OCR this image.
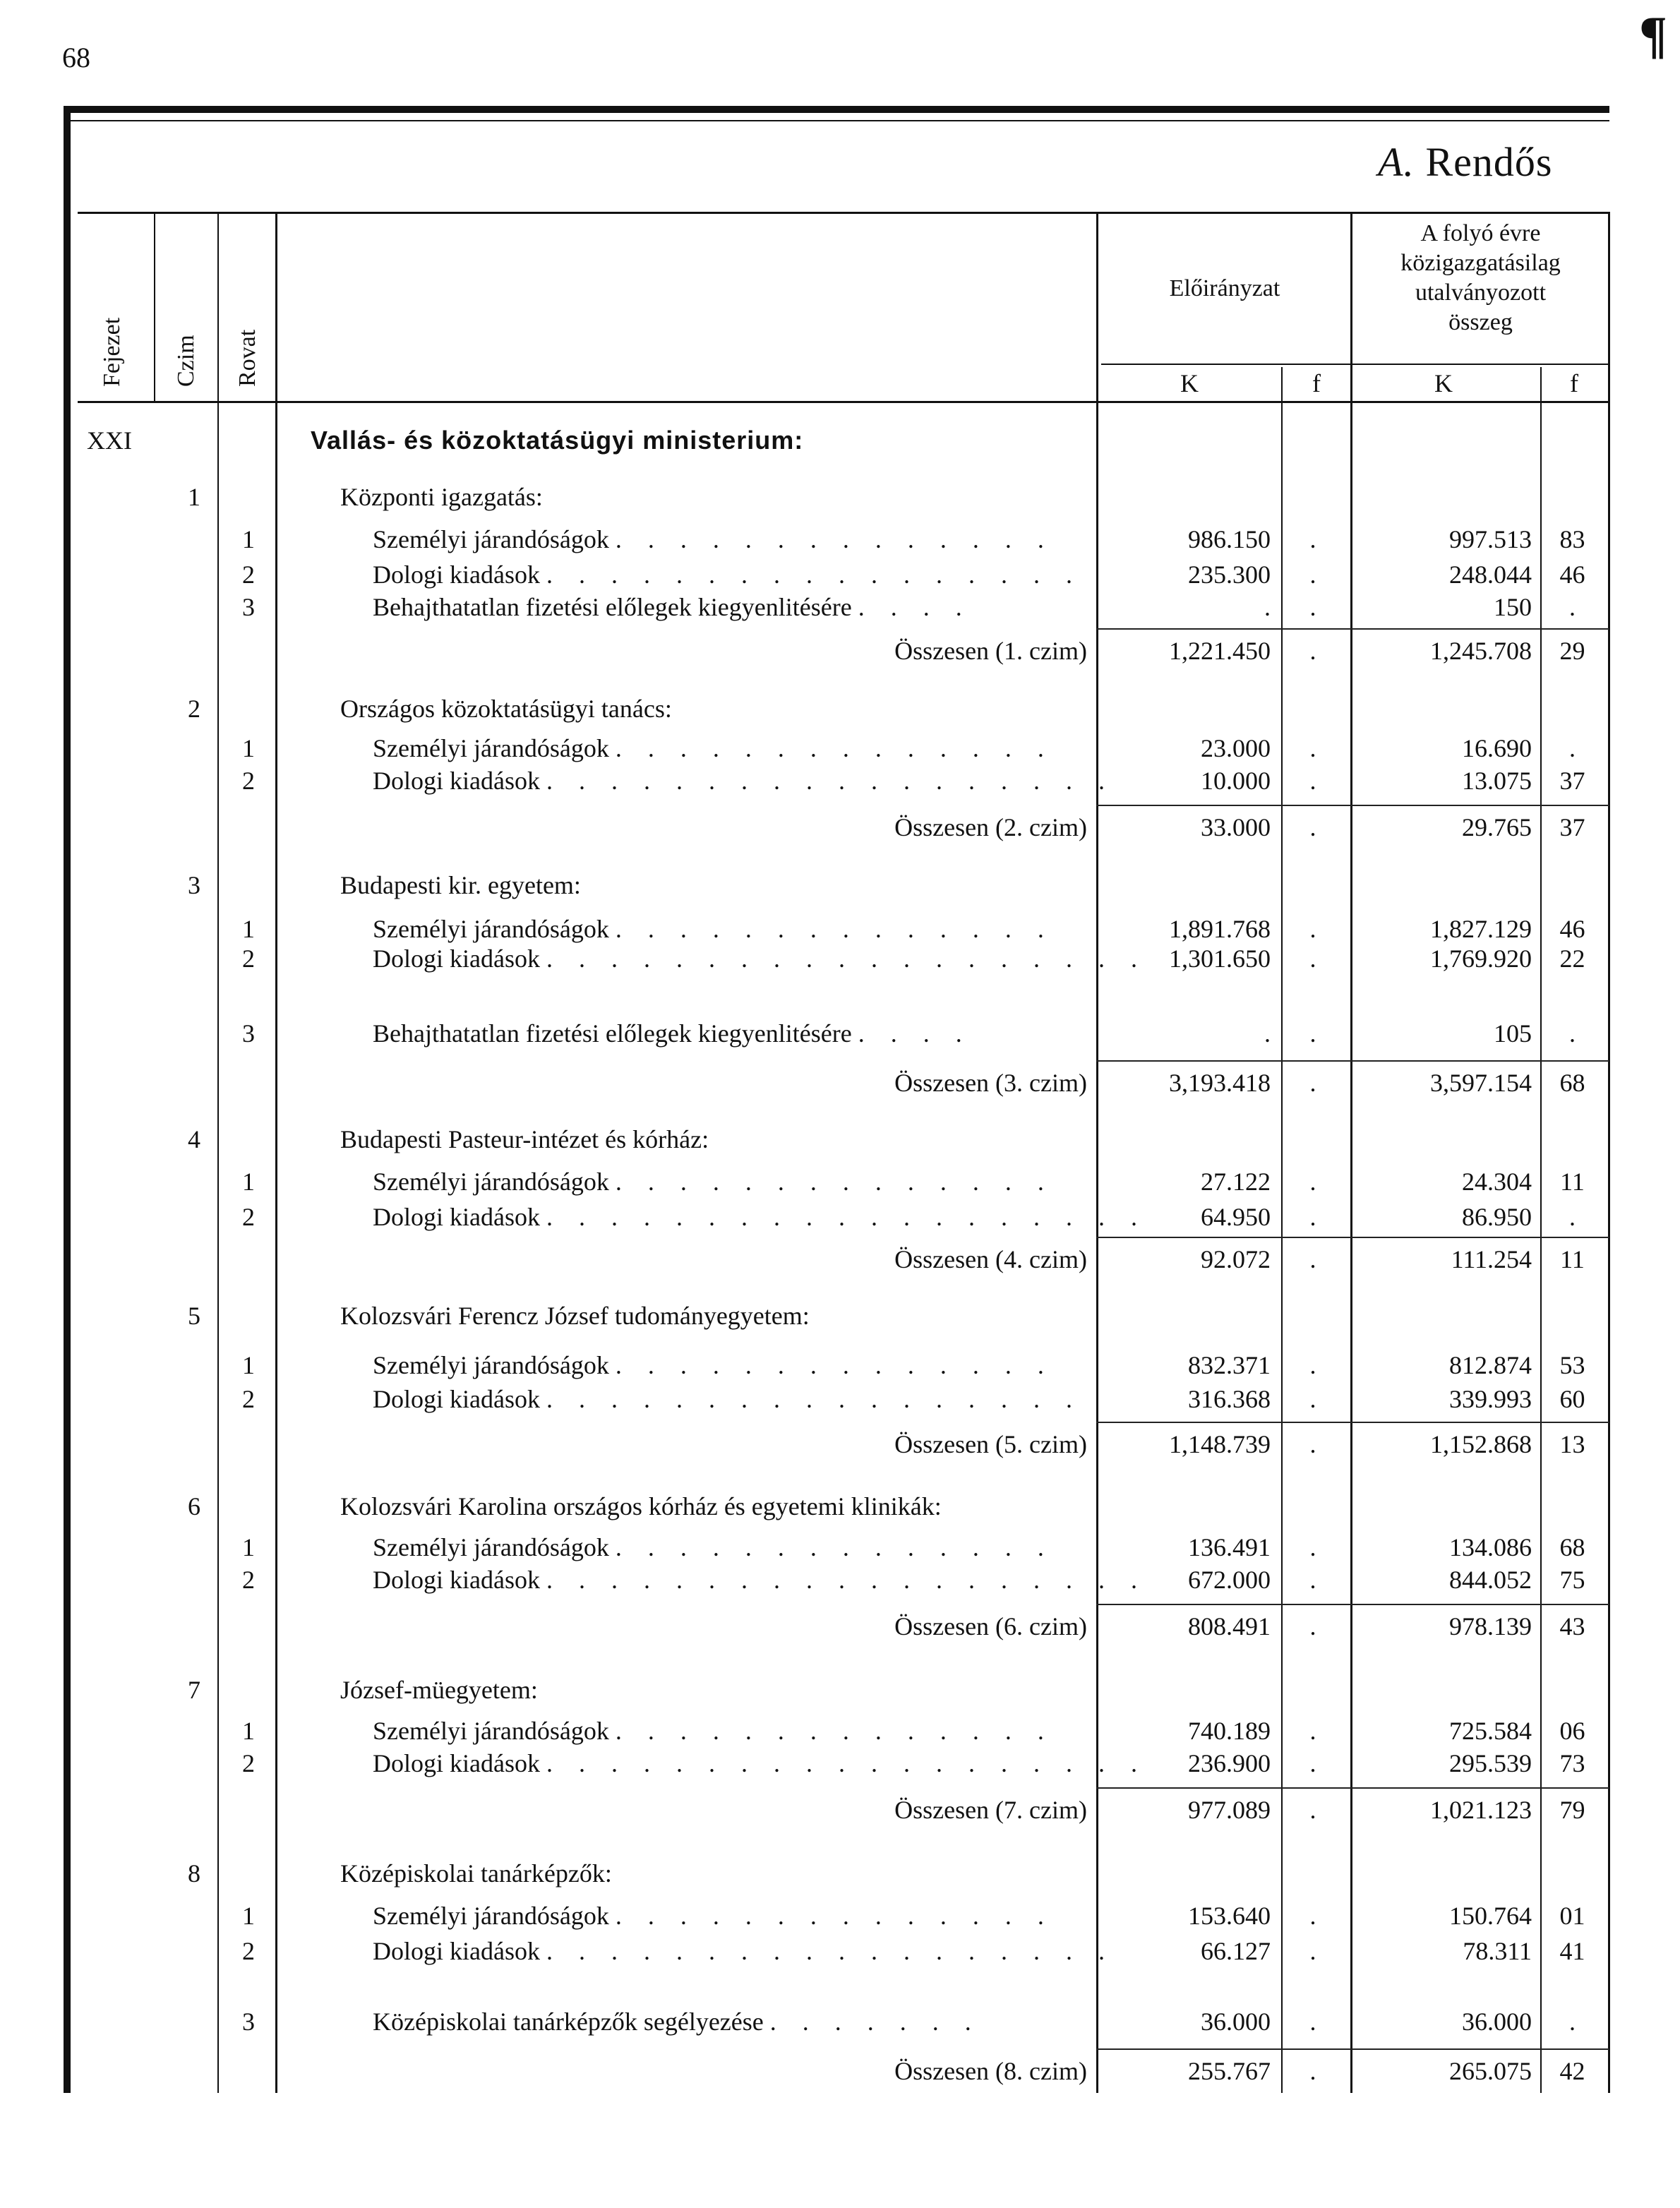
68	¶
A. Rendős
Fejezet Czim Rovat
Előirányzat
A folyó évre
közigazgatásilag
utalványozott
összeg
K	f	K	f
XXI	Vallás- és közoktatásügyi ministerium:
1	Központi igazgatás:
1	Személyi járandóságok . . . . . . . . . . . . . .	986.150	.	997.513	83
2	Dologi kiadások . . . . . . . . . . . . . . . . .	235.300	.	248.044	46
3	Behajthatatlan fizetési előlegek kiegyenlitésére . . . .	.	.	150	.
Összesen (1. czim)	1,221.450	.	1,245.708	29
2	Országos közoktatásügyi tanács:
1	Személyi járandóságok . . . . . . . . . . . . . .	23.000	.	16.690	.
2	Dologi kiadások . . . . . . . . . . . . . . . . . .	10.000	.	13.075	37
Összesen (2. czim)	33.000	.	29.765	37
3	Budapesti kir. egyetem:
1	Személyi járandóságok . . . . . . . . . . . . . .	1,891.768	.	1,827.129	46
2	Dologi kiadások . . . . . . . . . . . . . . . . . . . 1,301.650	.	1,769.920	22
3	Behajthatatlan fizetési előlegek kiegyenlitésére . . . .	.	.	105	.
Összesen (3. czim)	3,193.418	.	3,597.154	68
4	Budapesti Pasteur-intézet és kórház:
1	Személyi járandóságok . . . . . . . . . . . . . .	27.122	.	24.304	11
2	Dologi kiadások . . . . . . . . . . . . . . . . . . .	64.950	.	86.950	.
Összesen (4. czim)	92.072	.	111.254	11
5	Kolozsvári Ferencz József tudományegyetem:
1	Személyi járandóságok . . . . . . . . . . . . . .	832.371	.	812.874	53
2	Dologi kiadások . . . . . . . . . . . . . . . . .	316.368	.	339.993	60
Összesen (5. czim)	1,148.739	.	1,152.868	13
6	Kolozsvári Karolina országos kórház és egyetemi klinikák:
1	Személyi járandóságok . . . . . . . . . . . . . .	136.491	.	134.086	68
2	Dologi kiadások . . . . . . . . . . . . . . . . . . .	672.000	.	844.052	75
Összesen (6. czim)	808.491	.	978.139	43
7	József-müegyetem:
1	Személyi járandóságok . . . . . . . . . . . . . .	740.189	.	725.584	06
2	Dologi kiadások . . . . . . . . . . . . . . . . . . .	236.900	.	295.539	73
Összesen (7. czim)	977.089	.	1,021.123	79
8	Középiskolai tanárképzők:
1	Személyi járandóságok . . . . . . . . . . . . . .	153.640	.	150.764	01
2	Dologi kiadások . . . . . . . . . . . . . . . . . .	66.127	.	78.311	41
3	Középiskolai tanárképzők segélyezése . . . . . . .	36.000	.	36.000	.
Összesen (8. czim)	255.767	.	265.075	42
